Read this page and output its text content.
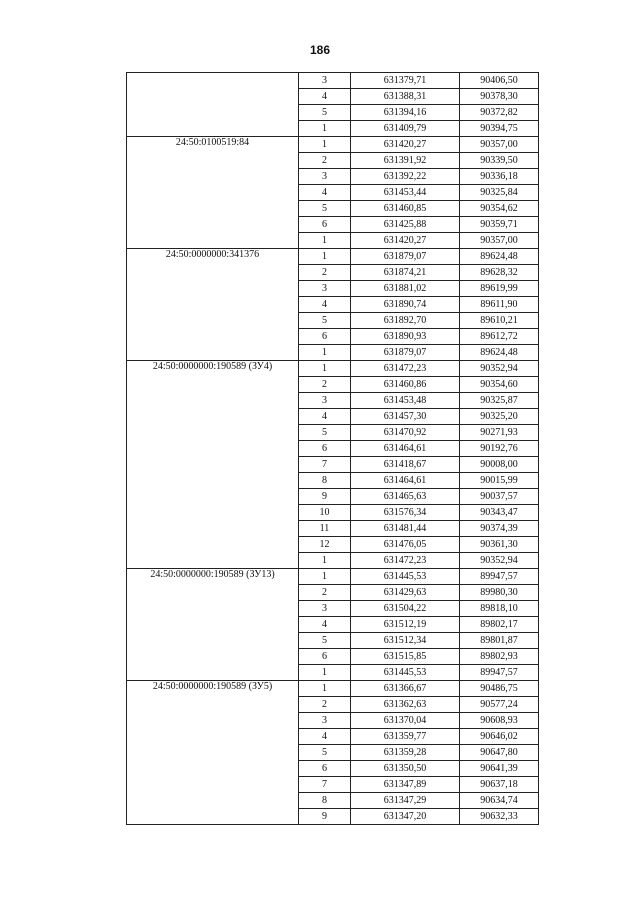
186
	3	631379,71	90406,50
	4	631388,31	90378,30
	5	631394,16	90372,82
	1	631409,79	90394,75
24:50:0100519:84	1	631420,27	90357,00
	2	631391,92	90339,50
	3	631392,22	90336,18
	4	631453,44	90325,84
	5	631460,85	90354,62
	6	631425,88	90359,71
	1	631420,27	90357,00
24:50:0000000:341376	1	631879,07	89624,48
	2	631874,21	89628,32
	3	631881,02	89619,99
	4	631890,74	89611,90
	5	631892,70	89610,21
	6	631890,93	89612,72
	1	631879,07	89624,48
24:50:0000000:190589 (ЗУ4)	1	631472,23	90352,94
	2	631460,86	90354,60
	3	631453,48	90325,87
	4	631457,30	90325,20
	5	631470,92	90271,93
	6	631464,61	90192,76
	7	631418,67	90008,00
	8	631464,61	90015,99
	9	631465,63	90037,57
	10	631576,34	90343,47
	11	631481,44	90374,39
	12	631476,05	90361,30
	1	631472,23	90352,94
24:50:0000000:190589 (ЗУ13)	1	631445,53	89947,57
	2	631429,63	89980,30
	3	631504,22	89818,10
	4	631512,19	89802,17
	5	631512,34	89801,87
	6	631515,85	89802,93
	1	631445,53	89947,57
24:50:0000000:190589 (ЗУ5)	1	631366,67	90486,75
	2	631362,63	90577,24
	3	631370,04	90608,93
	4	631359,77	90646,02
	5	631359,28	90647,80
	6	631350,50	90641,39
	7	631347,89	90637,18
	8	631347,29	90634,74
	9	631347,20	90632,33
